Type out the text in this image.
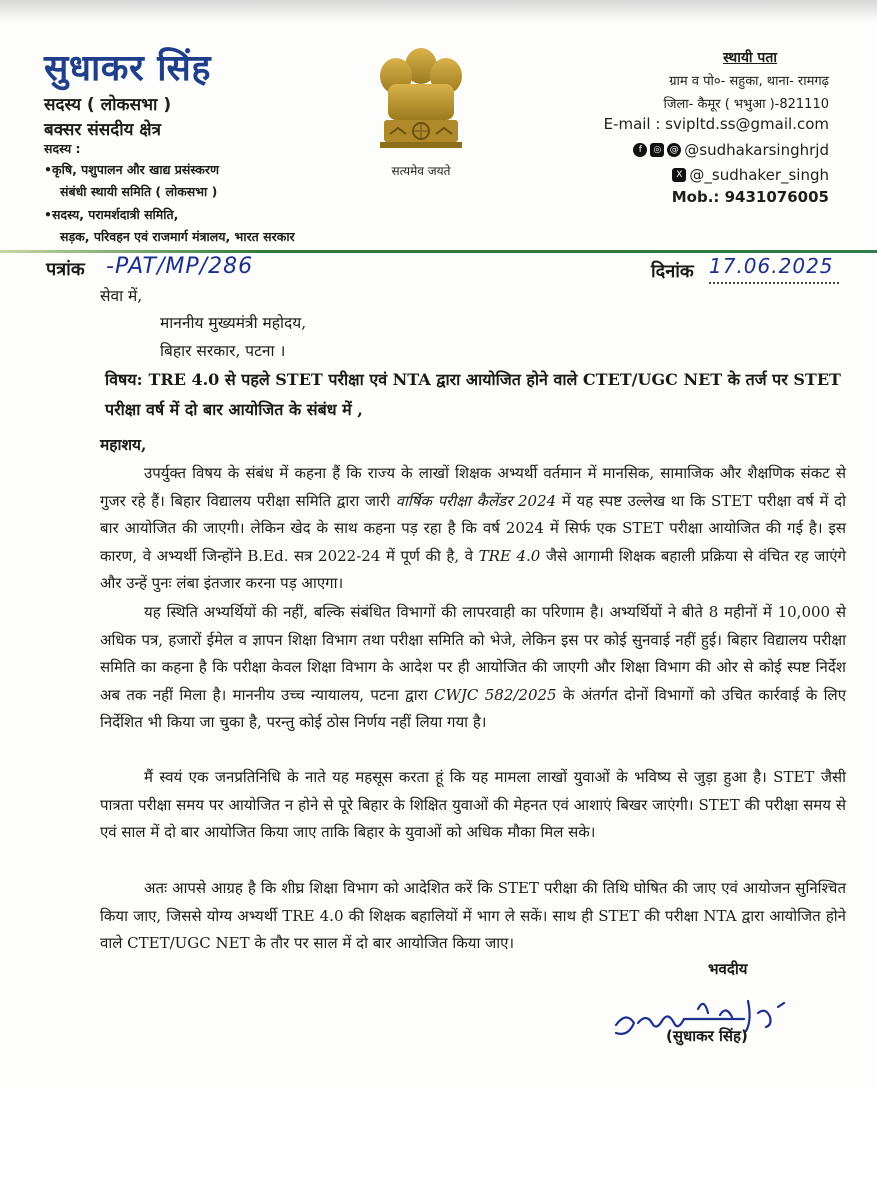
सुधाकर सिंह

सदस्य ( लोकसभा )

बक्सर संसदीय क्षेत्र

सदस्य :

•कृषि, पशुपालन और खाद्य प्रसंस्करण

संबंधी स्थायी समिति ( लोकसभा )

•सदस्य, परामर्शदात्री समिति,

सड़क, परिवहन एवं राजमार्ग मंत्रालय, भारत सरकार

सत्यमेव जयते

स्थायी पता

ग्राम व पो०- सहुका, थाना- रामगढ़

जिला- कैमूर ( भभुआ )-821110

E-mail : svipltd.ss@gmail.com

f	◎ @ @sudhakarsinghrjd

X @_sudhaker_singh

Mob.: 9431076005

पत्रांक -PAT/MP/286	दिनांक 17.06.2025

सेवा में,

माननीय मुख्यमंत्री महोदय,

बिहार सरकार, पटना ।

विषय: TRE 4.0 से पहले STET परीक्षा एवं NTA द्वारा आयोजित होने वाले CTET/UGC NET के तर्ज पर STET परीक्षा वर्ष में दो बार आयोजित के संबंध में ,

महाशय,

उपर्युक्त विषय के संबंध में कहना हैं कि राज्य के लाखों शिक्षक अभ्यर्थी वर्तमान में मानसिक, सामाजिक और शैक्षणिक संकट से गुजर रहे हैं। बिहार विद्यालय परीक्षा समिति द्वारा जारी वार्षिक परीक्षा कैलेंडर 2024 में यह स्पष्ट उल्लेख था कि STET परीक्षा वर्ष में दो बार आयोजित की जाएगी। लेकिन खेद के साथ कहना पड़ रहा है कि वर्ष 2024 में सिर्फ एक STET परीक्षा आयोजित की गई है। इस कारण, वे अभ्यर्थी जिन्होंने B.Ed. सत्र 2022-24 में पूर्ण की है, वे TRE 4.0 जैसे आगामी शिक्षक बहाली प्रक्रिया से वंचित रह जाएंगे और उन्हें पुनः लंबा इंतजार करना पड़ आएगा।

यह स्थिति अभ्यर्थियों की नहीं, बल्कि संबंधित विभागों की लापरवाही का परिणाम है। अभ्यर्थियों ने बीते 8 महीनों में 10,000 से अधिक पत्र, हजारों ईमेल व ज्ञापन शिक्षा विभाग तथा परीक्षा समिति को भेजे, लेकिन इस पर कोई सुनवाई नहीं हुई। बिहार विद्यालय परीक्षा समिति का कहना है कि परीक्षा केवल शिक्षा विभाग के आदेश पर ही आयोजित की जाएगी और शिक्षा विभाग की ओर से कोई स्पष्ट निर्देश अब तक नहीं मिला है। माननीय उच्च न्यायालय, पटना द्वारा CWJC 582/2025 के अंतर्गत दोनों विभागों को उचित कार्रवाई के लिए निर्देशित भी किया जा चुका है, परन्तु कोई ठोस निर्णय नहीं लिया गया है।

मैं स्वयं एक जनप्रतिनिधि के नाते यह महसूस करता हूं कि यह मामला लाखों युवाओं के भविष्य से जुड़ा हुआ है। STET जैसी पात्रता परीक्षा समय पर आयोजित न होने से पूरे बिहार के शिक्षित युवाओं की मेहनत एवं आशाएं बिखर जाएंगी। STET की परीक्षा समय से एवं साल में दो बार आयोजित किया जाए ताकि बिहार के युवाओं को अधिक मौका मिल सके।

अतः आपसे आग्रह है कि शीघ्र शिक्षा विभाग को आदेशित करें कि STET परीक्षा की तिथि घोषित की जाए एवं आयोजन सुनिश्चित किया जाए, जिससे योग्य अभ्यर्थी TRE 4.0 की शिक्षक बहालियों में भाग ले सकें। साथ ही STET की परीक्षा NTA द्वारा आयोजित होने वाले CTET/UGC NET के तौर पर साल में दो बार आयोजित किया जाए।

भवदीय

(सुधाकर सिंह)
